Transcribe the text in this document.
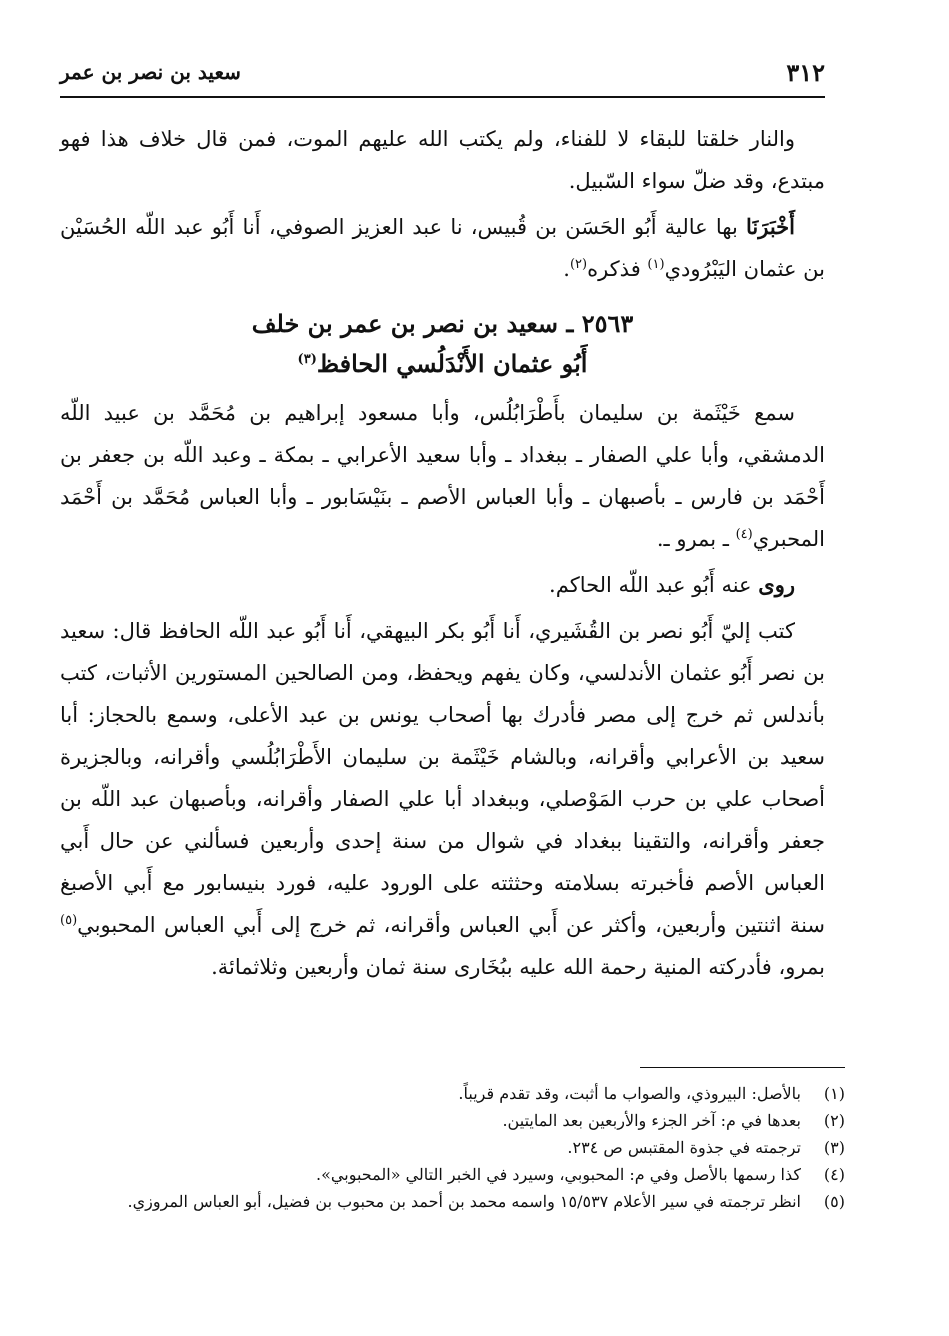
٣١٢
سعيد بن نصر بن عمر

والنار خلقتا للبقاء لا للفناء، ولم يكتب الله عليهم الموت، فمن قال خلاف هذا فهو مبتدع، وقد ضلّ سواء السّبيل.

أَخْبَرَنَا بها عالية أَبُو الحَسَن بن قُبيس، نا عبد العزيز الصوفي، أَنا أَبُو عبد اللّه الحُسَيْن بن عثمان اليَبْرُودي$^{(١)}$ فذكره$^{(٢)}$.

٢٥٦٣ ـ سعيد بن نصر بن عمر بن خلف
أَبُو عثمان الأَنْدَلُسي الحافظ$^{(٣)}$

سمع خَيْثَمة بن سليمان بأَطْرَابُلُس، وأبا مسعود إبراهيم بن مُحَمَّد بن عبيد اللّه الدمشقي، وأبا علي الصفار ـ ببغداد ـ وأبا سعيد الأعرابي ـ بمكة ـ وعبد اللّه بن جعفر بن أَحْمَد بن فارس ـ بأصبهان ـ وأبا العباس الأصم ـ بنَيْسَابور ـ وأبا العباس مُحَمَّد بن أَحْمَد المحبري$^{(٤)}$ ـ بمرو ـ.

روى عنه أَبُو عبد اللّه الحاكم.

كتب إليّ أَبُو نصر بن القُشَيري، أَنا أَبُو بكر البيهقي، أَنا أَبُو عبد اللّه الحافظ قال: سعيد بن نصر أَبُو عثمان الأندلسي، وكان يفهم ويحفظ، ومن الصالحين المستورين الأثبات، كتب بأندلس ثم خرج إلى مصر فأدرك بها أصحاب يونس بن عبد الأعلى، وسمع بالحجاز: أبا سعيد بن الأعرابي وأقرانه، وبالشام خَيْثَمة بن سليمان الأَطْرَابُلُسي وأقرانه، وبالجزيرة أصحاب علي بن حرب المَوْصلي، وببغداد أبا علي الصفار وأقرانه، وبأصبهان عبد اللّه بن جعفر وأقرانه، والتقينا ببغداد في شوال من سنة إحدى وأربعين فسألني عن حال أَبي العباس الأصم فأخبرته بسلامته وحثثته على الورود عليه، فورد بنيسابور مع أَبي الأصبغ سنة اثنتين وأربعين، وأكثر عن أَبي العباس وأقرانه، ثم خرج إلى أَبي العباس المحبوبي$^{(٥)}$ بمرو، فأدركته المنية رحمة الله عليه ببُخَارى سنة ثمان وأربعين وثلاثمائة.

(١)
بالأصل: البيروذي، والصواب ما أثبت، وقد تقدم قريباً.
(٢)
بعدها في م: آخر الجزء والأربعين بعد المايتين.
(٣)
ترجمته في جذوة المقتبس ص ٢٣٤.
(٤)
كذا رسمها بالأصل وفي م: المحبوبي، وسيرد في الخبر التالي «المحبوبي».
(٥)
انظر ترجمته في سير الأعلام ١٥/٥٣٧ واسمه محمد بن أحمد بن محبوب بن فضيل، أبو العباس المروزي.
